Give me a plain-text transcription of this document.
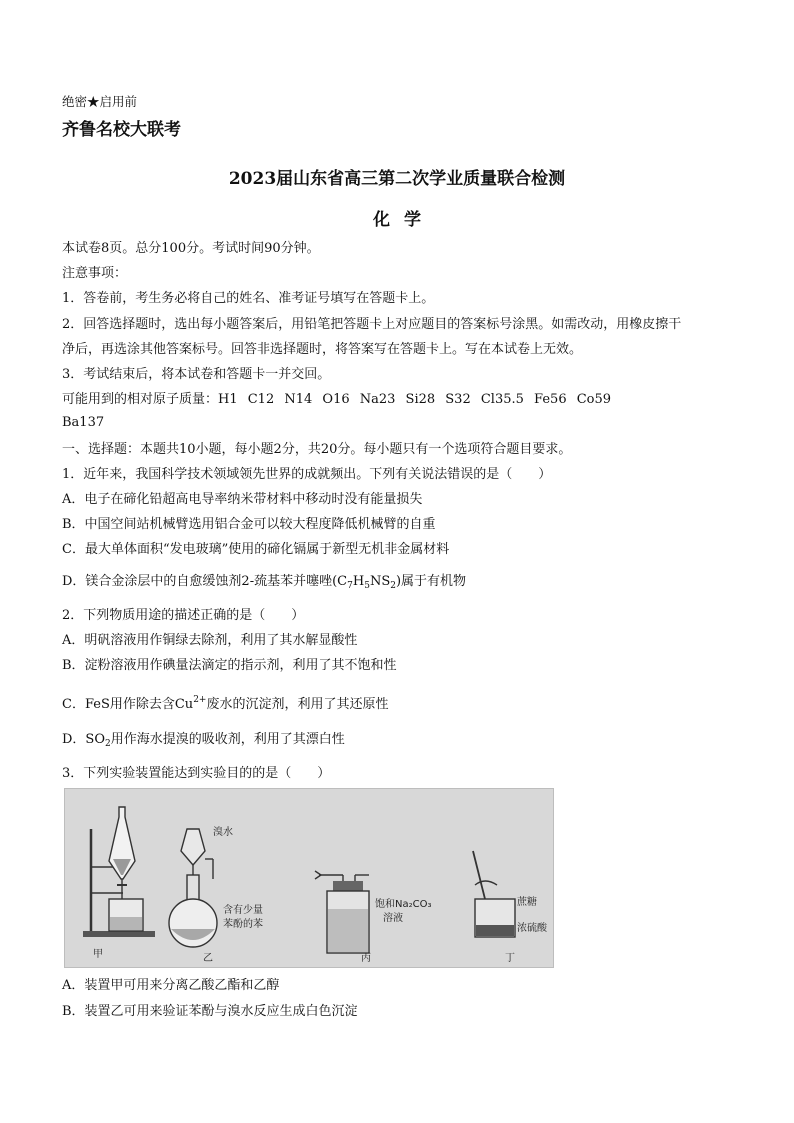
绝密★启用前
齐鲁名校大联考
2023届山东省高三第二次学业质量联合检测
化学
本试卷8页。总分100分。考试时间90分钟。
注意事项：
1．答卷前，考生务必将自己的姓名、准考证号填写在答题卡上。
2．回答选择题时，选出每小题答案后，用铅笔把答题卡上对应题目的答案标号涂黑。如需改动，用橡皮擦干
净后，再选涂其他答案标号。回答非选择题时，将答案写在答题卡上。写在本试卷上无效。
3．考试结束后，将本试卷和答题卡一并交回。
可能用到的相对原子质量：H1 C12 N14 O16 Na23 Si28 S32 Cl35.5 Fe56 Co59
Ba137
一、选择题：本题共10小题，每小题2分，共20分。每小题只有一个选项符合题目要求。
1．近年来，我国科学技术领域领先世界的成就频出。下列有关说法错误的是（　　）
A．电子在碲化铅超高电导率纳米带材料中移动时没有能量损失
B．中国空间站机械臂选用铝合金可以较大程度降低机械臂的自重
C．最大单体面积“发电玻璃”使用的碲化镉属于新型无机非金属材料
D．镁合金涂层中的自愈缓蚀剂2-巯基苯并噻唑$(C_7H_5NS_2)$属于有机物
2．下列物质用途的描述正确的是（　　）
A．明矾溶液用作铜绿去除剂，利用了其水解显酸性
B．淀粉溶液用作碘量法滴定的指示剂，利用了其不饱和性
C．FeS用作除去含$Cu^{2+}$废水的沉淀剂，利用了其还原性
D．$SO_2$用作海水提溴的吸收剂，利用了其漂白性
3．下列实验装置能达到实验目的的是（　　）
甲
溴水
含有少量
苯酚的苯
乙
饱和Na₂CO₃
溶液
丙
蔗糖
浓硫酸
丁
A．装置甲可用来分离乙酸乙酯和乙醇
B．装置乙可用来验证苯酚与溴水反应生成白色沉淀
